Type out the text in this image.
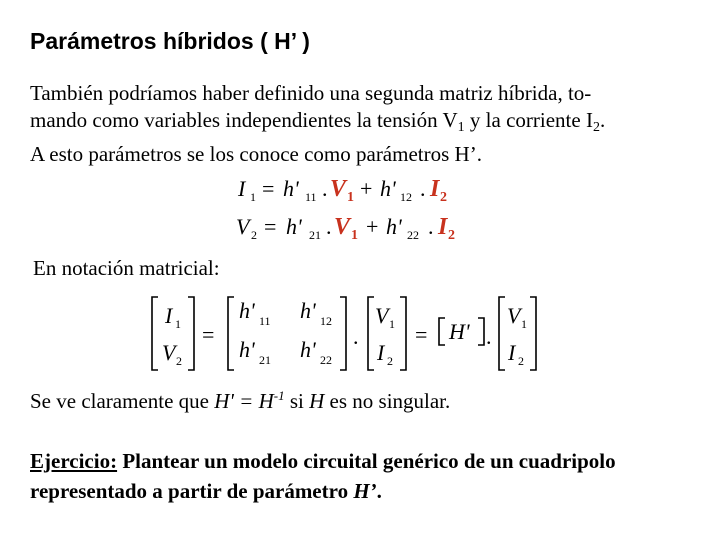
Parámetros híbridos ( H’ )
También podríamos haber definido una segunda matriz híbrida, to-
mando como variables independientes la tensión $V_1$ y la corriente $I_2$.
A esto parámetros se los conoce como parámetros H’.
I 1 = h' 11 . V 1 + h' 12 . I 2
V 2 = h' 21 . V 1 + h' 22 . I 2
I 1
V 2
=
h' 11 h' 12
h' 21 h' 22
.
V 1
I 2
= H' .
V 1
I 2
En notación matricial:
Se ve claramente que $H' = H^{-1}$ si H es no singular.
Ejercicio: Plantear un modelo circuital genérico de un cuadripolo representado a partir de parámetro H’.
